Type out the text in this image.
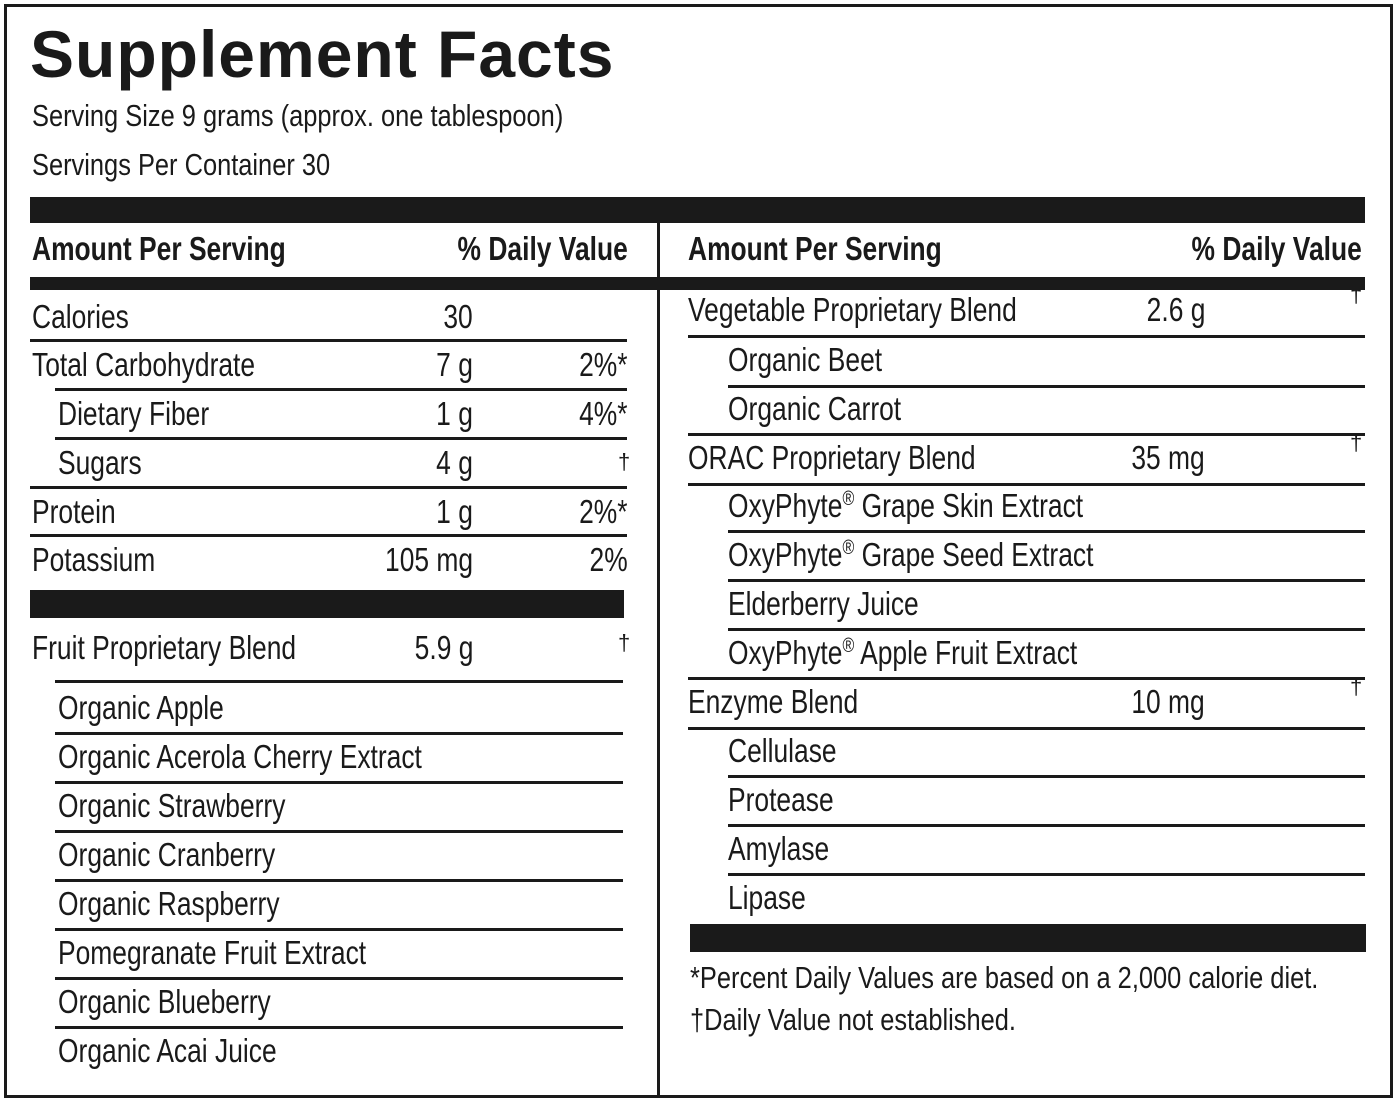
Supplement Facts
Serving Size 9 grams (approx. one tablespoon)
Servings Per Container 30
Amount Per Serving	% Daily Value Amount Per Serving	% Daily Value
Calories	30
Total Carbohydrate	7 g	2%*
Dietary Fiber	1 g	4%*
Sugars	4 g	†
Protein	1 g	2%*
Potassium	105 mg	2%
Fruit Proprietary Blend	5.9 g	†
Organic Apple
Organic Acerola Cherry Extract
Organic Strawberry
Organic Cranberry
Organic Raspberry
Pomegranate Fruit Extract
Organic Blueberry
Organic Acai Juice
Vegetable Proprietary Blend	2.6 g	†
Organic Beet
Organic Carrot
ORAC Proprietary Blend	35 mg	†
OxyPhyte® Grape Skin Extract
OxyPhyte® Grape Seed Extract
Elderberry Juice
OxyPhyte® Apple Fruit Extract
Enzyme Blend	10 mg	†
Cellulase
Protease
Amylase
Lipase
*Percent Daily Values are based on a 2,000 calorie diet.
†Daily Value not established.
